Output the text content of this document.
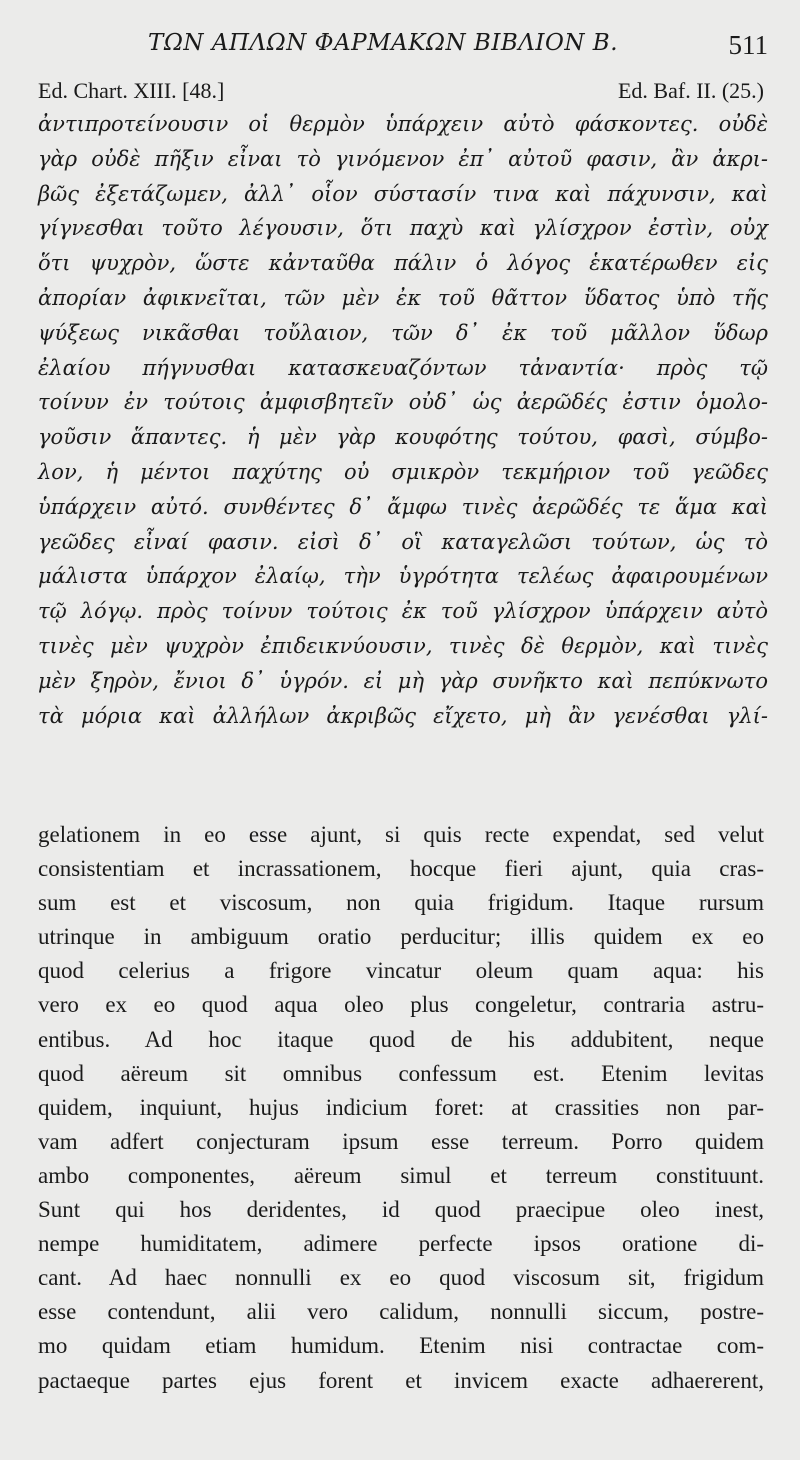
ΤΩΝ ΑΠΛΩΝ ΦΑΡΜΑΚΩΝ ΒΙΒΛΙΟΝ Β.	511
Ed. Chart. XIII. [48.]	Ed. Baf. II. (25.)
ἀντιπροτείνουσιν οἱ θερμὸν ὑπάρχειν αὐτὸ φάσκοντες. οὐδὲ
γὰρ οὐδὲ πῆξιν εἶναι τὸ γινόμενον ἐπ᾽ αὐτοῦ φασιν, ἂν ἀκρι-
βῶς ἐξετάζωμεν, ἀλλ᾽ οἷον σύστασίν τινα καὶ πάχυνσιν, καὶ
γίγνεσθαι τοῦτο λέγουσιν, ὅτι παχὺ καὶ γλίσχρον ἐστὶν, οὐχ
ὅτι ψυχρὸν, ὥστε κἀνταῦθα πάλιν ὁ λόγος ἑκατέρωθεν εἰς
ἀπορίαν ἀφικνεῖται, τῶν μὲν ἐκ τοῦ θᾶττον ὕδατος ὑπὸ τῆς
ψύξεως νικᾶσθαι τοὔλαιον, τῶν δ᾽ ἐκ τοῦ μᾶλλον ὕδωρ
ἐλαίου πήγνυσθαι κατασκευαζόντων τἀναντία· πρὸς τῷ
τοίνυν ἐν τούτοις ἀμφισβητεῖν οὐδ᾽ ὡς ἀερῶδές ἐστιν ὁμολο-
γοῦσιν ἅπαντες. ἡ μὲν γὰρ κουφότης τούτου, φασὶ, σύμβο-
λον, ἡ μέντοι παχύτης οὐ σμικρὸν τεκμήριον τοῦ γεῶδες
ὑπάρχειν αὐτό. συνθέντες δ᾽ ἄμφω τινὲς ἀερῶδές τε ἅμα καὶ
γεῶδες εἶναί φασιν. εἰσὶ δ᾽ οἳ καταγελῶσι τούτων, ὡς τὸ
μάλιστα ὑπάρχον ἐλαίῳ, τὴν ὑγρότητα τελέως ἀφαιρουμένων
τῷ λόγῳ. πρὸς τοίνυν τούτοις ἐκ τοῦ γλίσχρον ὑπάρχειν αὐτὸ
τινὲς μὲν ψυχρὸν ἐπιδεικνύουσιν, τινὲς δὲ θερμὸν, καὶ τινὲς
μὲν ξηρὸν, ἔνιοι δ᾽ ὑγρόν. εἰ μὴ γὰρ συνῆκτο καὶ πεπύκνωτο
τὰ μόρια καὶ ἀλλήλων ἀκριβῶς εἴχετο, μὴ ἂν γενέσθαι γλί-
gelationem in eo esse ajunt, si quis recte expendat, sed velut
consistentiam et incrassationem, hocque fieri ajunt, quia cras-
sum est et viscosum, non quia frigidum. Itaque rursum
utrinque in ambiguum oratio perducitur; illis quidem ex eo
quod celerius a frigore vincatur oleum quam aqua: his
vero ex eo quod aqua oleo plus congeletur, contraria astru-
entibus. Ad hoc itaque quod de his addubitent, neque
quod aëreum sit omnibus confessum est. Etenim levitas
quidem, inquiunt, hujus indicium foret: at crassities non par-
vam adfert conjecturam ipsum esse terreum. Porro quidem
ambo componentes, aëreum simul et terreum constituunt.
Sunt qui hos deridentes, id quod praecipue oleo inest,
nempe humiditatem, adimere perfecte ipsos oratione di-
cant. Ad haec nonnulli ex eo quod viscosum sit, frigidum
esse contendunt, alii vero calidum, nonnulli siccum, postre-
mo quidam etiam humidum. Etenim nisi contractae com-
pactaeque partes ejus forent et invicem exacte adhaererent,
